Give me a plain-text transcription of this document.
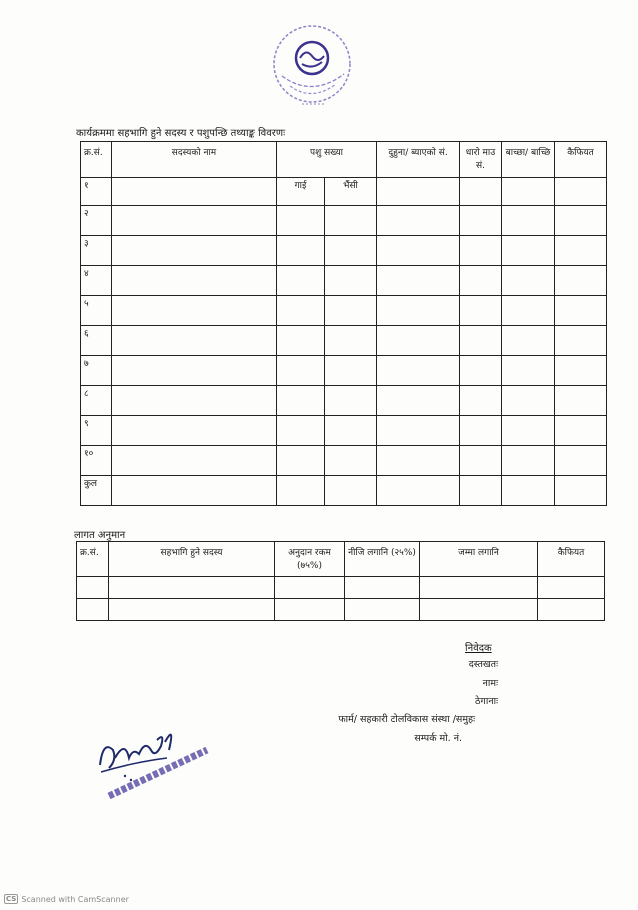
कार्यक्रममा सहभागि हुने सदस्य र पशुपन्छि तथ्याङ्क विवरणः
क्र.सं.	सदस्यको नाम	पशु सख्या		दुहुना/ ब्याएको सं.	धारो माउ सं.	बाच्छा/ बाच्छि	कैफियत
१		गाई	भैंसी				
२							
३							
४							
५							
६							
७							
८							
९							
१०							
कुल							
लागत अनुमान
क्र.सं.	सहभागि हुने सदस्य	अनुदान रकम (७५%)	नीजि लगानि (२५%)	जम्मा लगानि	कैफियत

निवेदक
दस्तखतः
नामः
ठेगानाः
फार्म/ सहकारी टोलविकास संस्था /समुहः
सम्पर्क मो. नं.
CS Scanned with CamScanner
